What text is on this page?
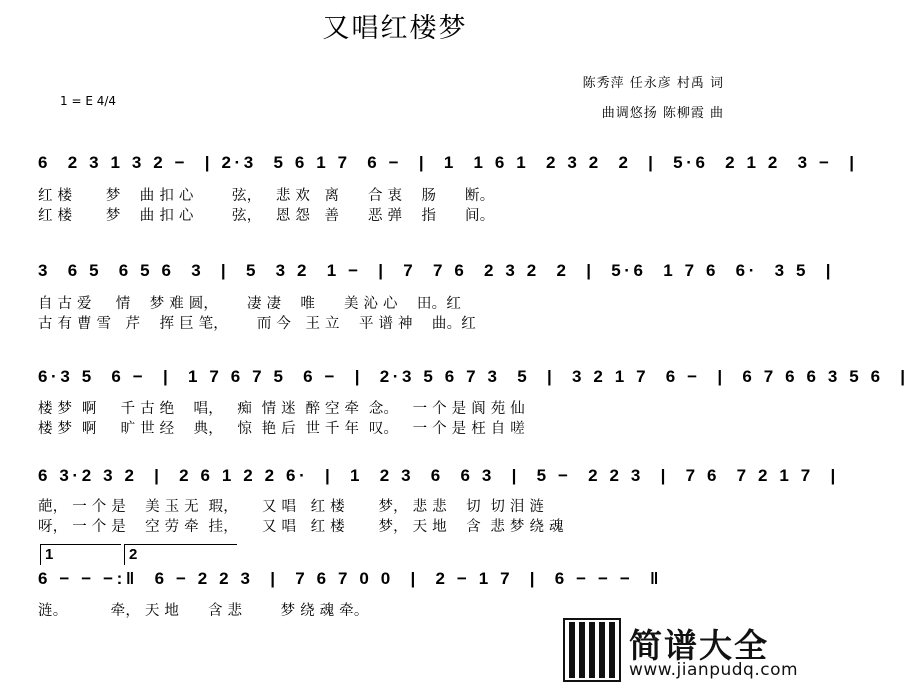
又唱红楼梦
陈秀萍 任永彦 村禹 词
曲调悠扬 陈柳霞 曲
1 = E 4/4
6  2 3 1 3 2 −  | 2·3  5 6 1 7  6 −  |  1  1 6 1  2 3 2  2  |  5·6  2 1 2  3 −  |
红 楼       梦    曲 扣 心        弦，   悲 欢   离      合 衷    肠      断。
红 楼       梦    曲 扣 心        弦，   恩 怨   善      恶 弹    指      间。
3  6 5  6 5 6  3  |  5  3 2  1 −  |  7  7 6  2 3 2  2  |  5·6  1 7 6  6·  3 5  |
自 古 爱     情    梦 难 圆，      凄 凄    唯      美 沁 心    田。红
古 有 曹 雪   芹    挥 巨 笔，      而 今   王 立    平 谱 神    曲。红
6·3 5  6 −  |  1 7 6 7 5  6 −  |  2·3 5 6 7 3  5  |  3 2 1 7  6 −  |  6 7 6 6 3 5 6  |
楼 梦  啊     千 古 绝    唱，   痴  情 迷  醉 空 牵  念。   一 个 是 阆 苑 仙
楼 梦  啊     旷 世 经    典，   惊  艳 后  世 千 年  叹。   一 个 是 枉 自 嗟
6 3·2 3 2  |  2 6 1 2 2 6·  |  1  2 3  6  6 3  |  5 −  2 2 3  |  7 6  7 2 1 7  |
葩， 一 个 是    美 玉 无  瑕，     又 唱   红 楼       梦， 悲 悲    切  切 泪 涟
呀， 一 个 是    空 劳 牵  挂，     又 唱   红 楼       梦， 天 地    含  悲 梦 绕 魂
1	2
6 − − −:‖  6 − 2 2 3  |  7 6 7 0 0  |  2 − 1 7  |  6 − − −  ‖
涟。         牵， 天 地      含 悲        梦 绕 魂 牵。
简谱大全
www.jianpudq.com
